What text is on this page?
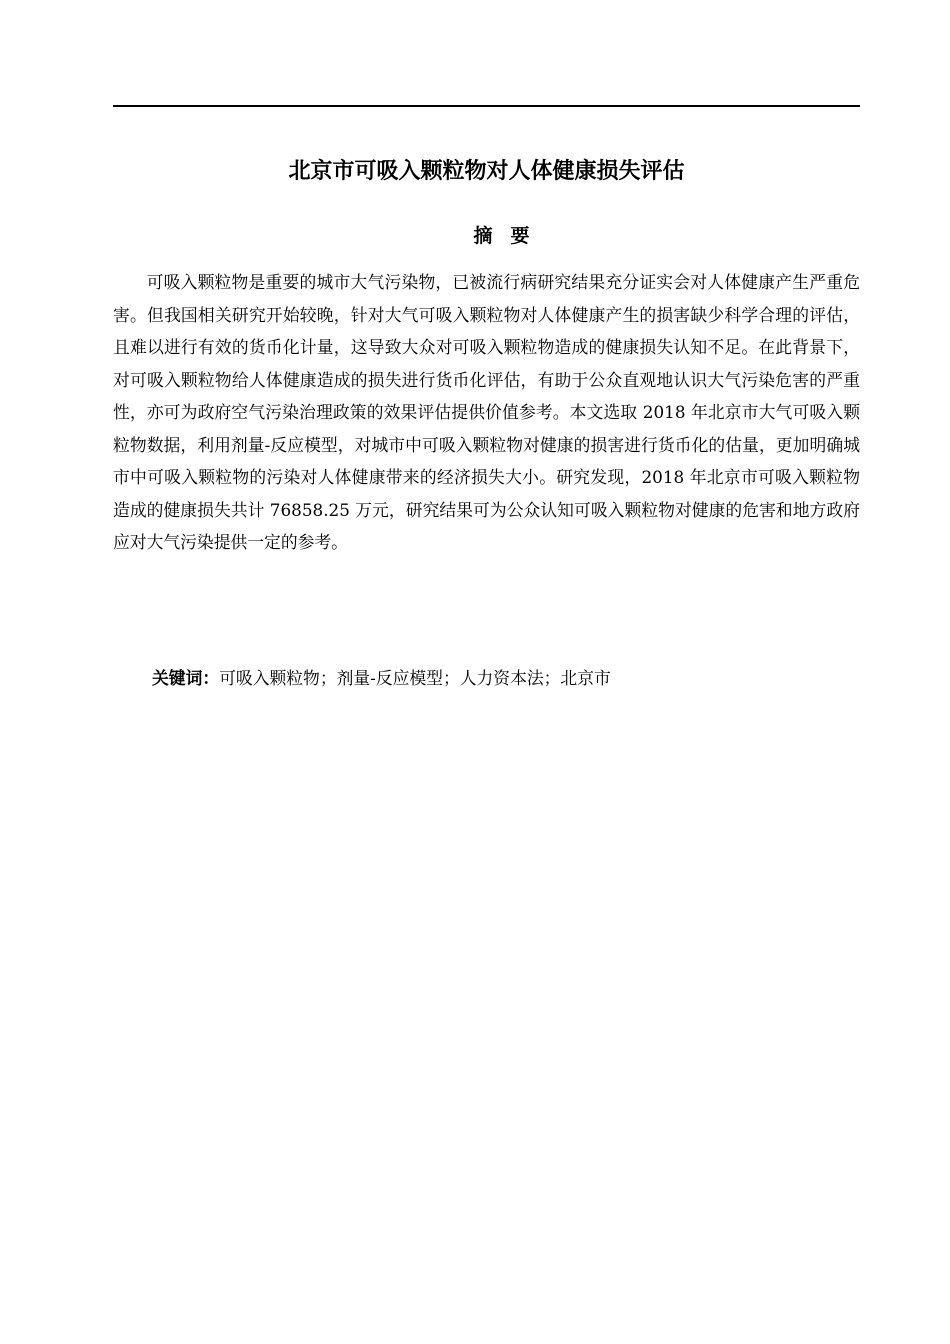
北京市可吸入颗粒物对人体健康损失评估
摘要

可吸入颗粒物是重要的城市大气污染物，已被流行病研究结果充分证实会对人体健康产生严重危害。但我国相关研究开始较晚，针对大气可吸入颗粒物对人体健康产生的损害缺少科学合理的评估，且难以进行有效的货币化计量，这导致大众对可吸入颗粒物造成的健康损失认知不足。在此背景下，对可吸入颗粒物给人体健康造成的损失进行货币化评估，有助于公众直观地认识大气污染危害的严重性，亦可为政府空气污染治理政策的效果评估提供价值参考。本文选取 2018 年北京市大气可吸入颗粒物数据，利用剂量-反应模型，对城市中可吸入颗粒物对健康的损害进行货币化的估量，更加明确城市中可吸入颗粒物的污染对人体健康带来的经济损失大小。研究发现，2018 年北京市可吸入颗粒物造成的健康损失共计 76858.25 万元，研究结果可为公众认知可吸入颗粒物对健康的危害和地方政府应对大气污染提供一定的参考。

关键词：可吸入颗粒物；剂量-反应模型；人力资本法；北京市
